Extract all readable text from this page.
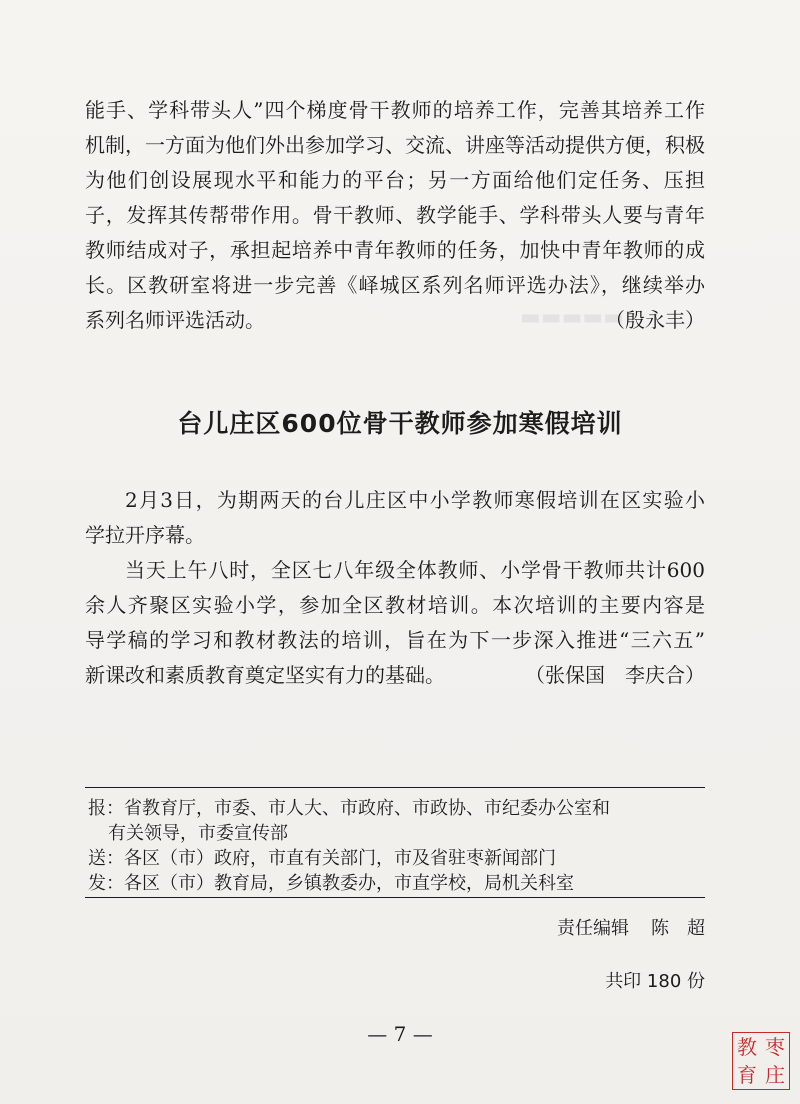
▬▬▬▬▬
能手、学科带头人”四个梯度骨干教师的培养工作，完善其培养工作
机制，一方面为他们外出参加学习、交流、讲座等活动提供方便，积极
为他们创设展现水平和能力的平台；另一方面给他们定任务、压担
子，发挥其传帮带作用。骨干教师、教学能手、学科带头人要与青年
教师结成对子，承担起培养中青年教师的任务，加快中青年教师的成
长。区教研室将进一步完善《峄城区系列名师评选办法》，继续举办
系列名师评选活动。	（殷永丰）
台儿庄区600位骨干教师参加寒假培训
2月3日，为期两天的台儿庄区中小学教师寒假培训在区实验小
学拉开序幕。
当天上午八时，全区七八年级全体教师、小学骨干教师共计600
余人齐聚区实验小学，参加全区教材培训。本次培训的主要内容是
导学稿的学习和教材教法的培训，旨在为下一步深入推进“三六五”
新课改和素质教育奠定坚实有力的基础。	（张保国　李庆合）
报：省教育厅，市委、市人大、市政府、市政协、市纪委办公室和
有关领导，市委宣传部
送：各区（市）政府，市直有关部门，市及省驻枣新闻部门
发：各区（市）教育局，乡镇教委办，市直学校，局机关科室
责任编辑 陈　超
共印 180 份
— 7 —
教 枣
育 庄
